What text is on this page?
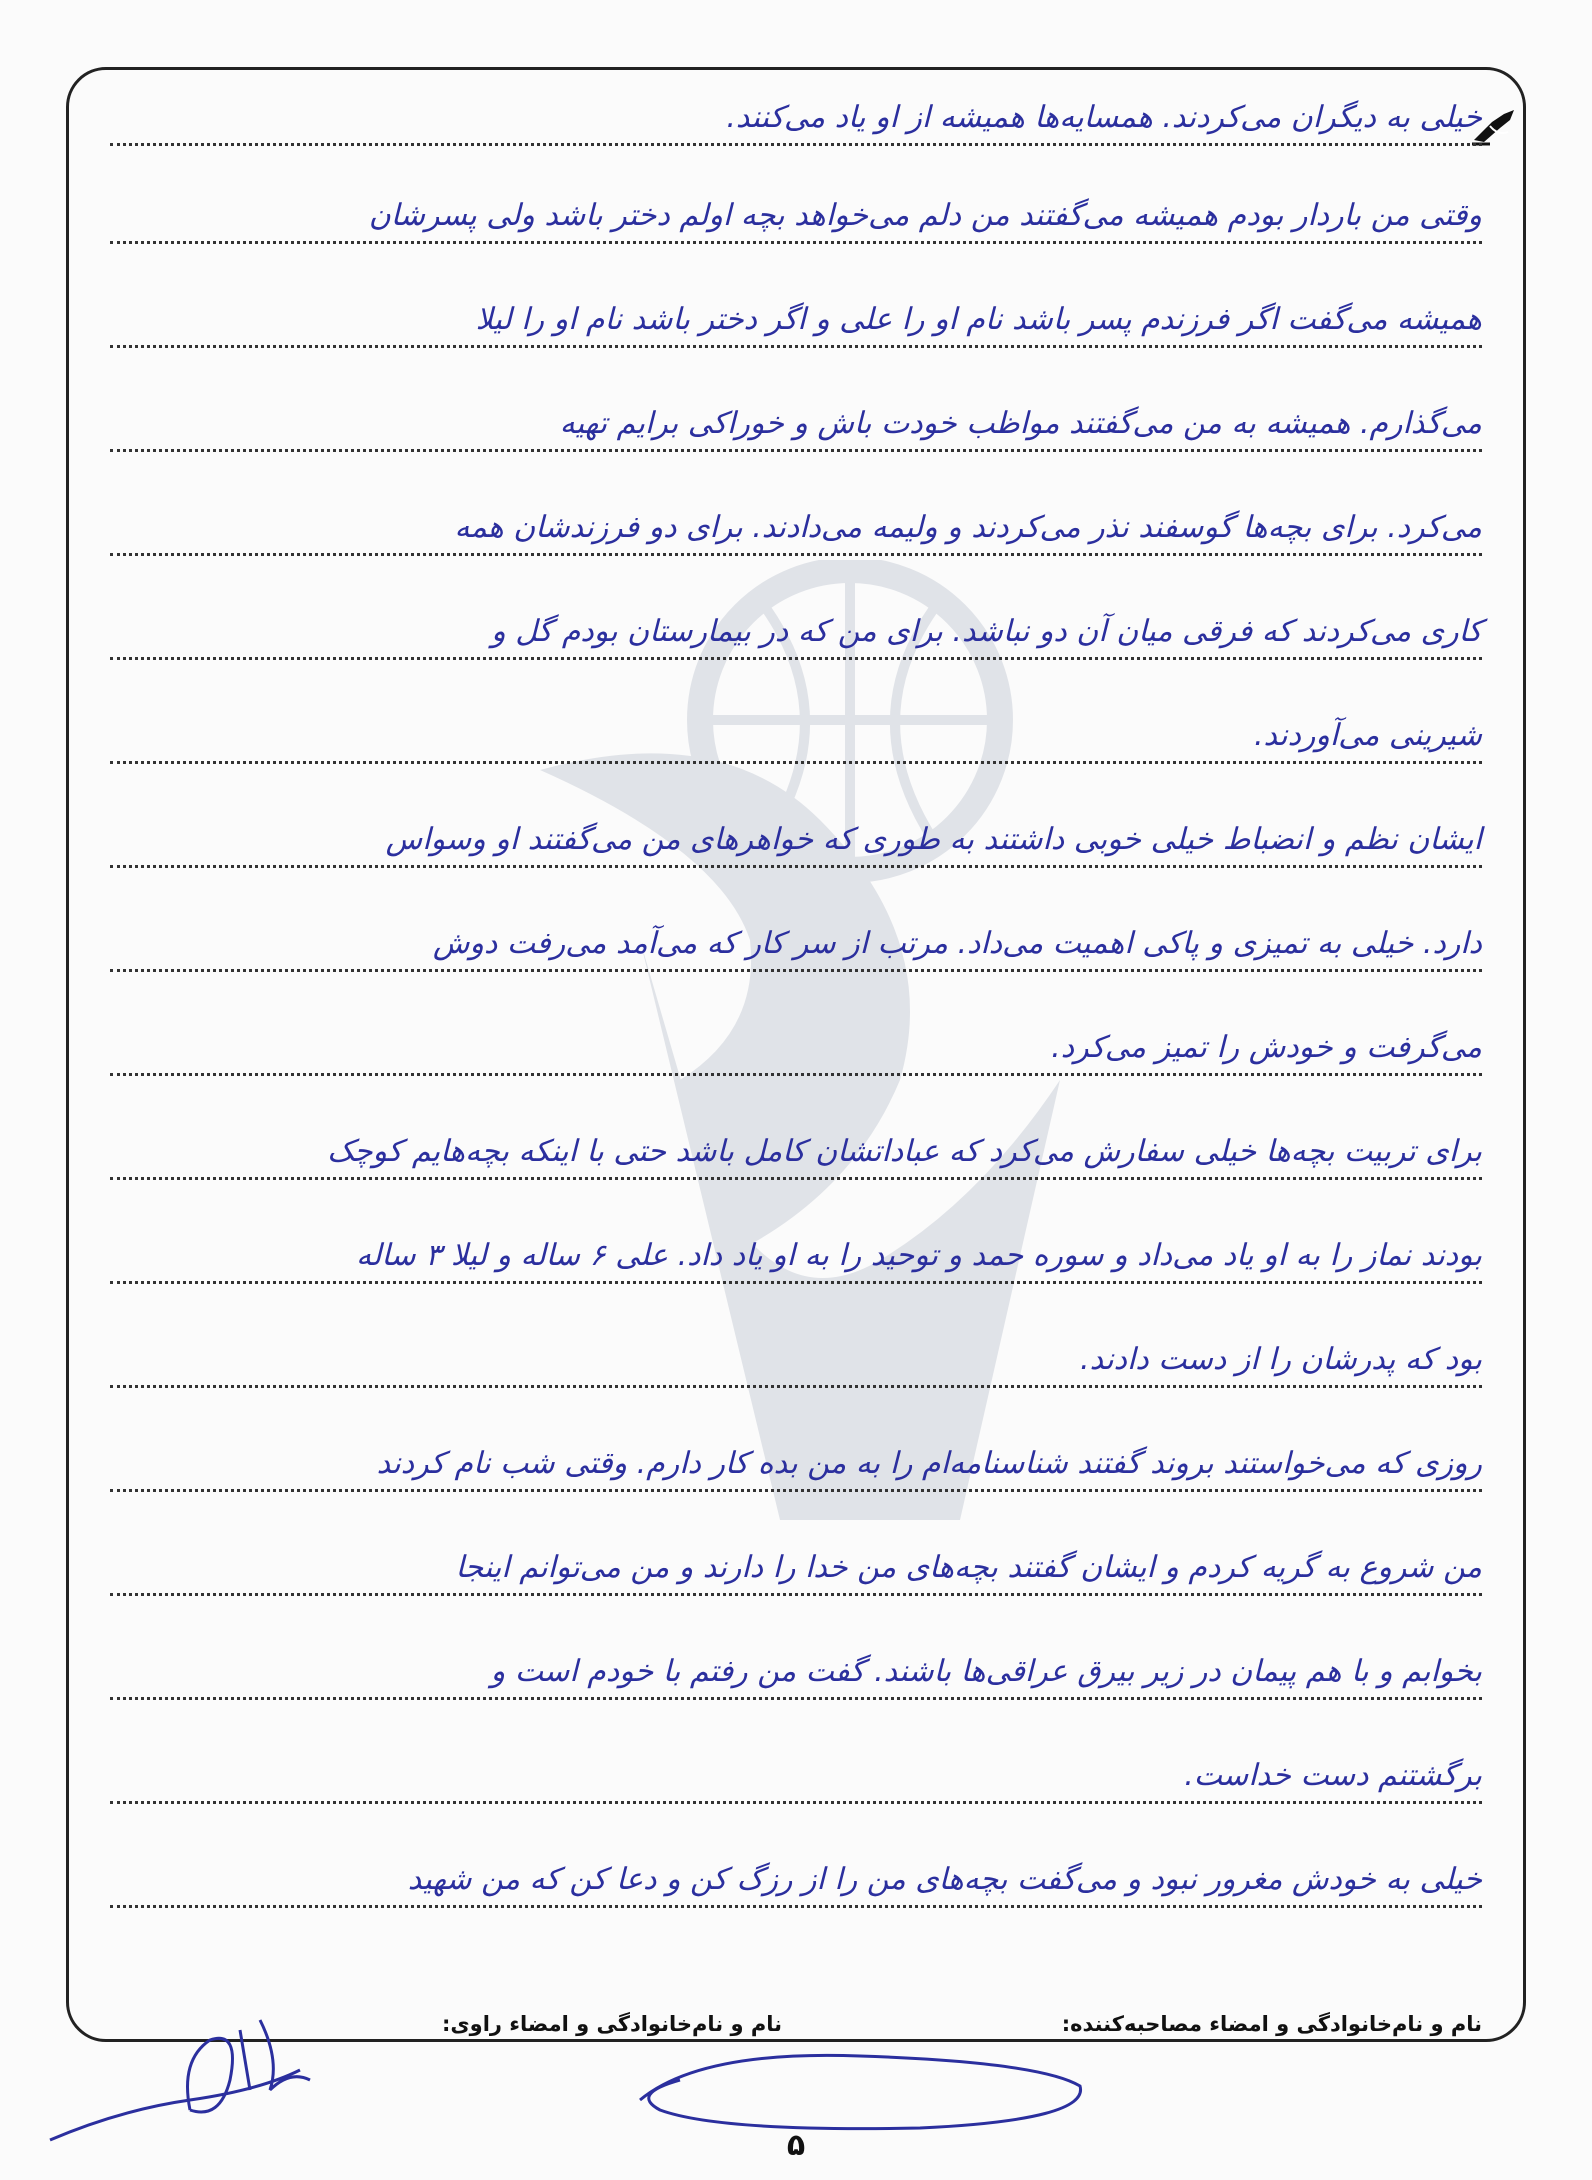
خیلی به دیگران می‌کردند. همسایه‌ها همیشه از او یاد می‌کنند.
وقتی من باردار بودم همیشه می‌گفتند من دلم می‌خواهد بچه اولم دختر باشد ولی پسرشان
همیشه می‌گفت اگر فرزندم پسر باشد نام او را علی و اگر دختر باشد نام او را لیلا
می‌گذارم. همیشه به من می‌گفتند مواظب خودت باش و خوراکی برایم تهیه
می‌کرد. برای بچه‌ها گوسفند نذر می‌کردند و ولیمه می‌دادند. برای دو فرزندشان همه
کاری می‌کردند که فرقی میان آن دو نباشد. برای من که در بیمارستان بودم گل و
شیرینی می‌آوردند.
ایشان نظم و انضباط خیلی خوبی داشتند به طوری که خواهرهای من می‌گفتند او وسواس
دارد. خیلی به تمیزی و پاکی اهمیت می‌داد. مرتب از سر کار که می‌آمد می‌رفت دوش
می‌گرفت و خودش را تمیز می‌کرد.
برای تربیت بچه‌ها خیلی سفارش می‌کرد که عباداتشان کامل باشد حتی با اینکه بچه‌هایم کوچک
بودند نماز را به او یاد می‌داد و سوره حمد و توحید را به او یاد داد. علی ۶ ساله و لیلا ۳ ساله
بود که پدرشان را از دست دادند.
روزی که می‌خواستند بروند گفتند شناسنامه‌ام را به من بده کار دارم. وقتی شب نام کردند
من شروع به گریه کردم و ایشان گفتند بچه‌های من خدا را دارند و من می‌توانم اینجا
بخوابم و با هم پیمان در زیر بیرق عراقی‌ها باشند. گفت من رفتم با خودم است و
برگشتنم دست خداست.
خیلی به خودش مغرور نبود و می‌گفت بچه‌های من را از رزگ کن و دعا کن که من شهید
نام و نام‌خانوادگی و امضاء مصاحبه‌کننده:
نام و نام‌خانوادگی و امضاء راوی:
۵
